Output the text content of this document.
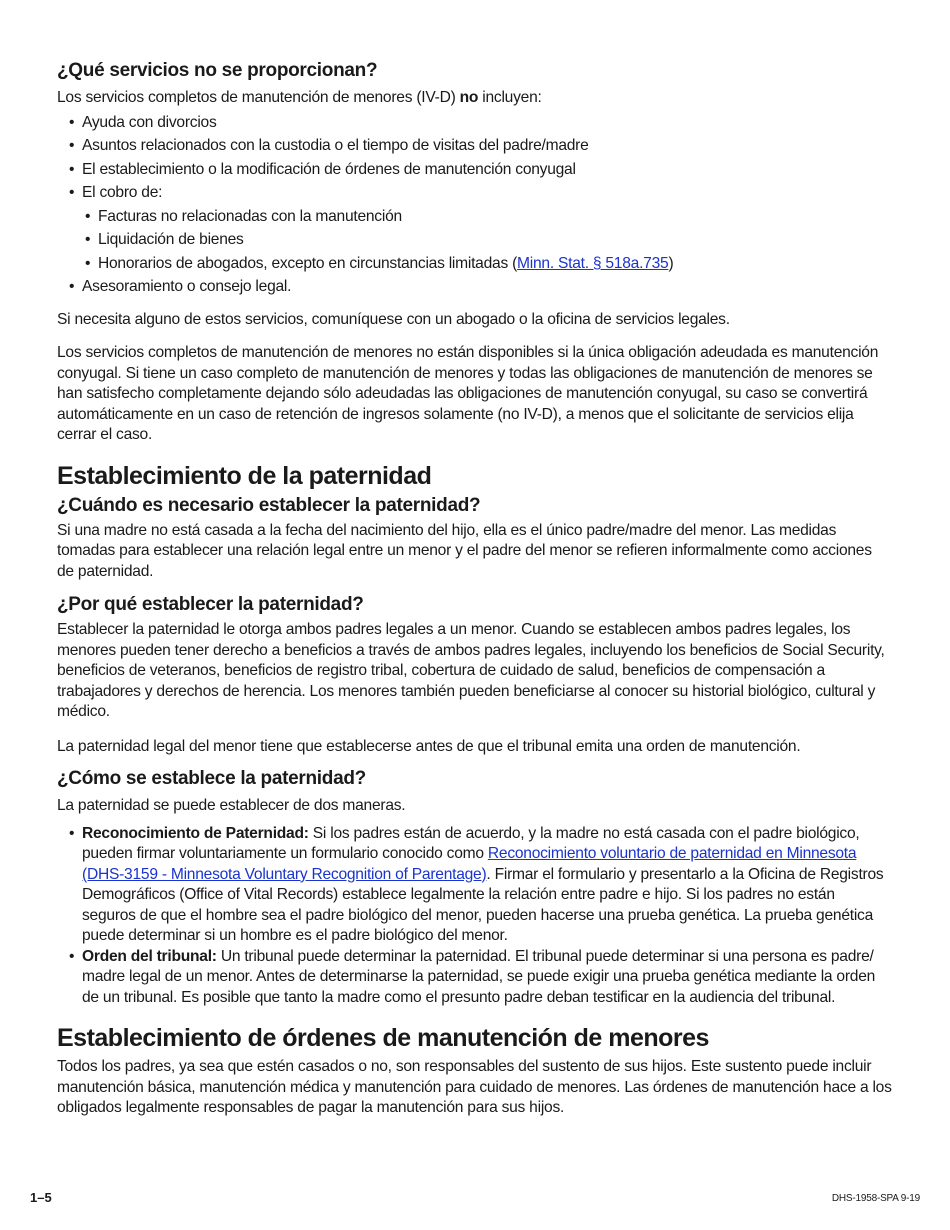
¿Qué servicios no se proporcionan?

Los servicios completos de manutención de menores (IV-D) no incluyen:

• Ayuda con divorcios
• Asuntos relacionados con la custodia o el tiempo de visitas del padre/madre
• El establecimiento o la modificación de órdenes de manutención conyugal
• El cobro de:
• Facturas no relacionadas con la manutención
• Liquidación de bienes
• Honorarios de abogados, excepto en circunstancias limitadas (Minn. Stat. § 518a.735)
• Asesoramiento o consejo legal.

Si necesita alguno de estos servicios, comuníquese con un abogado o la oficina de servicios legales.

Los servicios completos de manutención de menores no están disponibles si la única obligación adeudada es manutención conyugal. Si tiene un caso completo de manutención de menores y todas las obligaciones de manutención de menores se han satisfecho completamente dejando sólo adeudadas las obligaciones de manutención conyugal, su caso se convertirá automáticamente en un caso de retención de ingresos solamente (no IV-D), a menos que el solicitante de servicios elija cerrar el caso.

Establecimiento de la paternidad
¿Cuándo es necesario establecer la paternidad?

Si una madre no está casada a la fecha del nacimiento del hijo, ella es el único padre/madre del menor. Las medidas tomadas para establecer una relación legal entre un menor y el padre del menor se refieren informalmente como acciones de paternidad.

¿Por qué establecer la paternidad?

Establecer la paternidad le otorga ambos padres legales a un menor. Cuando se establecen ambos padres legales, los menores pueden tener derecho a beneficios a través de ambos padres legales, incluyendo los beneficios de Social Security, beneficios de veteranos, beneficios de registro tribal, cobertura de cuidado de salud, beneficios de compensación a trabajadores y derechos de herencia. Los menores también pueden beneficiarse al conocer su historial biológico, cultural y médico.

La paternidad legal del menor tiene que establecerse antes de que el tribunal emita una orden de manutención.

¿Cómo se establece la paternidad?

La paternidad se puede establecer de dos maneras.

• Reconocimiento de Paternidad: Si los padres están de acuerdo, y la madre no está casada con el padre biológico, pueden firmar voluntariamente un formulario conocido como Reconocimiento voluntario de paternidad en Minnesota (DHS-3159 - Minnesota Voluntary Recognition of Parentage). Firmar el formulario y presentarlo a la Oficina de Registros Demográficos (Office of Vital Records) establece legalmente la relación entre padre e hijo. Si los padres no están seguros de que el hombre sea el padre biológico del menor, pueden hacerse una prueba genética. La prueba genética puede determinar si un hombre es el padre biológico del menor.
• Orden del tribunal: Un tribunal puede determinar la paternidad. El tribunal puede determinar si una persona es padre/ madre legal de un menor. Antes de determinarse la paternidad, se puede exigir una prueba genética mediante la orden de un tribunal. Es posible que tanto la madre como el presunto padre deban testificar en la audiencia del tribunal.
Establecimiento de órdenes de manutención de menores

Todos los padres, ya sea que estén casados o no, son responsables del sustento de sus hijos. Este sustento puede incluir manutención básica, manutención médica y manutención para cuidado de menores. Las órdenes de manutención hace a los obligados legalmente responsables de pagar la manutención para sus hijos.

1–5	DHS-1958-SPA 9-19
